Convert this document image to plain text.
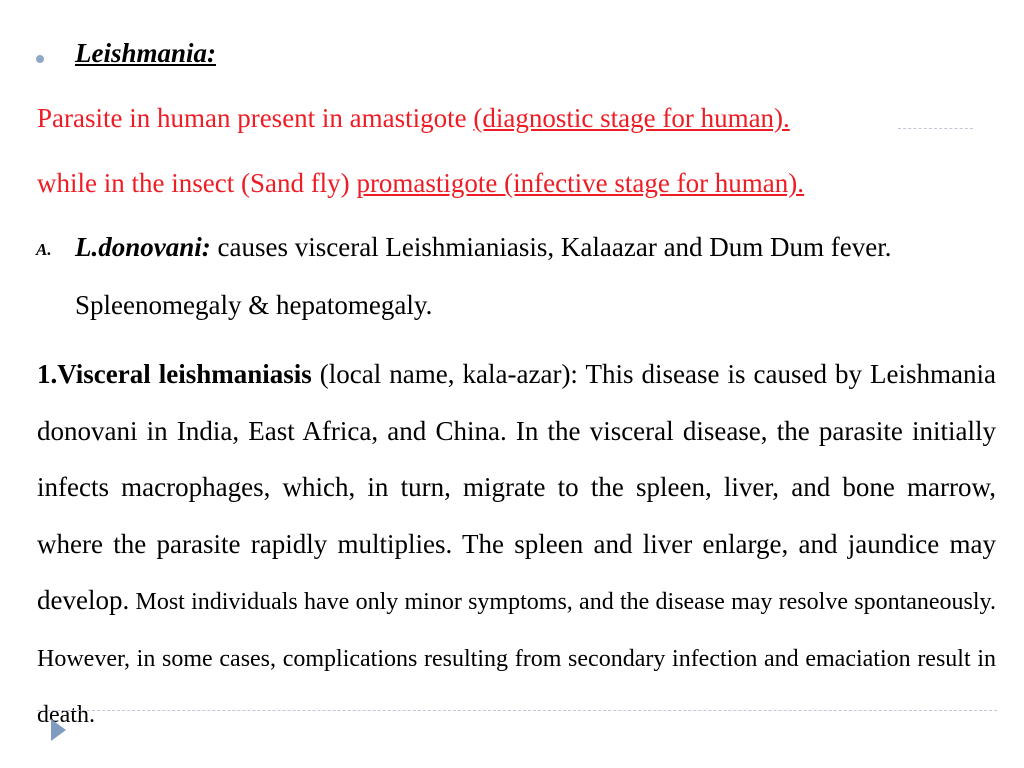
Leishmania:
Parasite in human present in amastigote (diagnostic stage for human).
while in the insect (Sand fly) promastigote (infective stage for human).
A. L.donovani: causes visceral Leishmianiasis, Kalaazar and Dum Dum fever.
Spleenomegaly & hepatomegaly.
1.Visceral leishmaniasis (local name, kala-azar): This disease is caused by Leishmania donovani in India, East Africa, and China. In the visceral disease, the parasite initially infects macrophages, which, in turn, migrate to the spleen, liver, and bone marrow, where the parasite rapidly multiplies. The spleen and liver enlarge, and jaundice may develop. Most individuals have only minor symptoms, and the disease may resolve spontaneously. However, in some cases, complications resulting from secondary infection and emaciation result in death.
